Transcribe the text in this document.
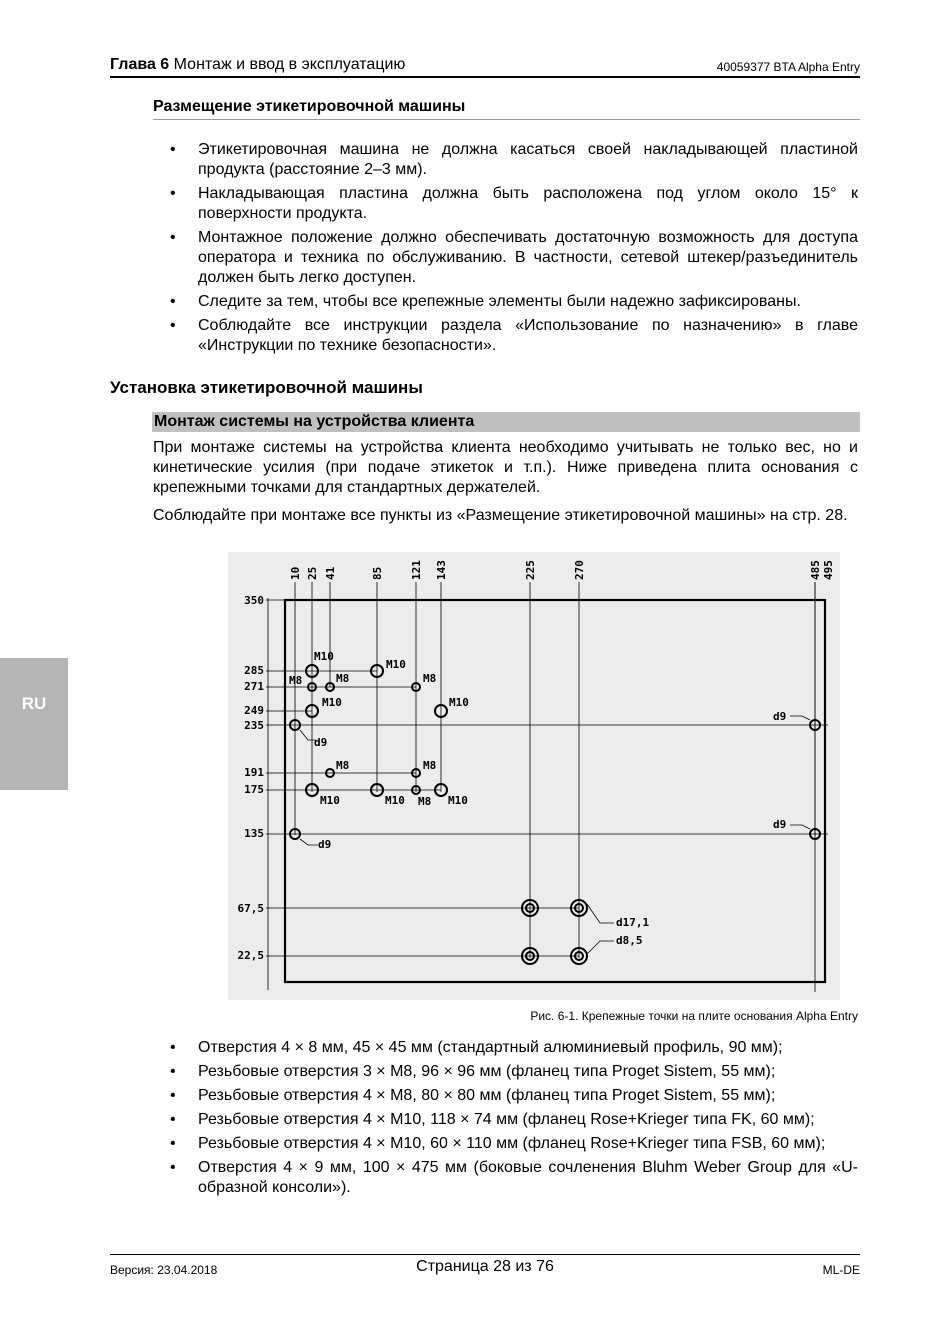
Глава 6 Монтаж и ввод в эксплуатацию	40059377 BTA Alpha Entry
RU
Размещение этикетировочной машины
• Этикетировочная машина не должна касаться своей накладывающей пластиной продукта (расстояние 2–3 мм).
• Накладывающая пластина должна быть расположена под углом около 15° к поверхности продукта.
• Монтажное положение должно обеспечивать достаточную возможность для доступа оператора и техника по обслуживанию. В частности, сетевой штекер/разъединитель должен быть легко доступен.
• Следите за тем, чтобы все крепежные элементы были надежно зафиксированы.
• Соблюдайте все инструкции раздела «Использование по назначению» в главе «Инструкции по технике безопасности».
Установка этикетировочной машины
Монтаж системы на устройства клиента
При монтаже системы на устройства клиента необходимо учитывать не только вес, но и кинетические усилия (при подаче этикеток и т.п.). Ниже приведена плита основания с крепежными точками для стандартных держателей.
Соблюдайте при монтаже все пункты из «Размещение этикетировочной машины» на стр. 28.
10 25 41	85 121 143	225	270	485 495
350
285
271
249
235
191
175
135
67,5
22,5
M10
M10
M8	M8	M8
M10	M10
d9
d9
M8	M8
M10	M10 M8 M10
d9
d9
d17,1
d8,5
Рис. 6-1. Крепежные точки на плите основания Alpha Entry
• Отверстия 4 × 8 мм, 45 × 45 мм (стандартный алюминиевый профиль, 90 мм);
• Резьбовые отверстия 3 × M8, 96 × 96 мм (фланец типа Proget Sistem, 55 мм);
• Резьбовые отверстия 4 × M8, 80 × 80 мм (фланец типа Proget Sistem, 55 мм);
• Резьбовые отверстия 4 × M10, 118 × 74 мм (фланец Rose+Krieger типа FK, 60 мм);
• Резьбовые отверстия 4 × M10, 60 × 110 мм (фланец Rose+Krieger типа FSB, 60 мм);
• Отверстия 4 × 9 мм, 100 × 475 мм (боковые сочленения Bluhm Weber Group для «U-образной консоли»).
Версия: 23.04.2018	Страница 28 из 76	ML-DE
